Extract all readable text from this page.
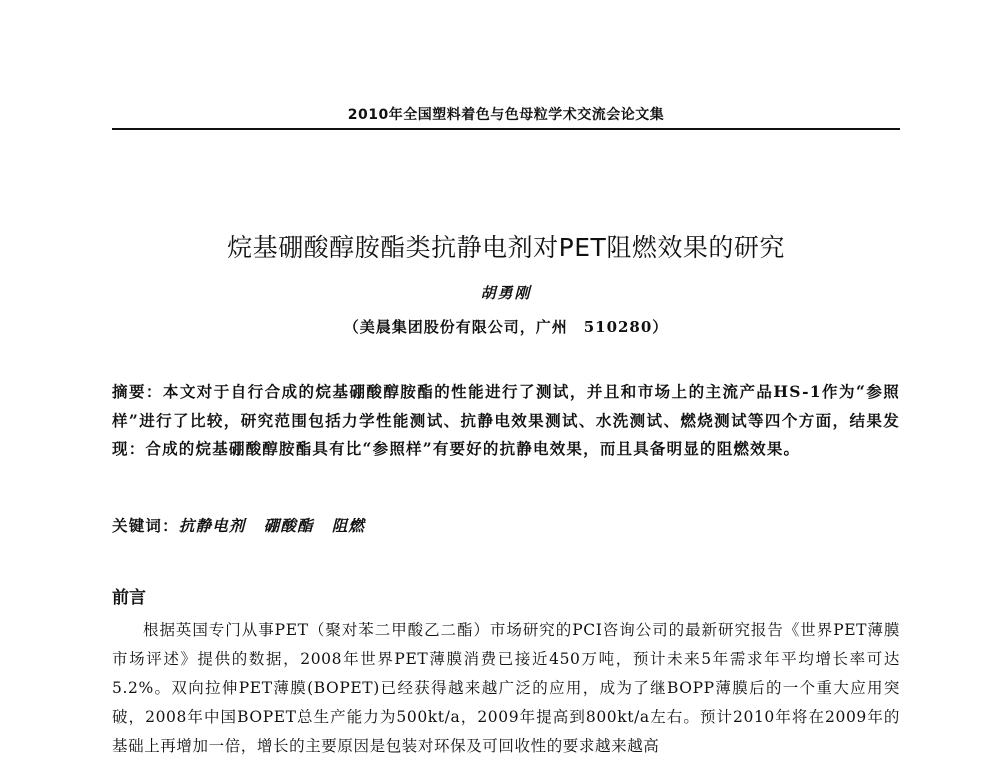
2010年全国塑料着色与色母粒学术交流会论文集
烷基硼酸醇胺酯类抗静电剂对PET阻燃效果的研究
胡勇刚
（美晨集团股份有限公司，广州　510280）
摘要：本文对于自行合成的烷基硼酸醇胺酯的性能进行了测试，并且和市场上的主流产品HS-1作为“参照样”进行了比较，研究范围包括力学性能测试、抗静电效果测试、水洗测试、燃烧测试等四个方面，结果发现：合成的烷基硼酸醇胺酯具有比“参照样”有要好的抗静电效果，而且具备明显的阻燃效果。
关键词：抗静电剂 硼酸酯 阻燃
前言
根据英国专门从事PET（聚对苯二甲酸乙二酯）市场研究的PCI咨询公司的最新研究报告《世界PET薄膜市场评述》提供的数据，2008年世界PET薄膜消费已接近450万吨，预计未来5年需求年平均增长率可达5.2%。双向拉伸PET薄膜(BOPET)已经获得越来越广泛的应用，成为了继BOPP薄膜后的一个重大应用突破，2008年中国BOPET总生产能力为500kt/a，2009年提高到800kt/a左右。预计2010年将在2009年的基础上再增加一倍，增长的主要原因是包装对环保及可回收性的要求越来越高
